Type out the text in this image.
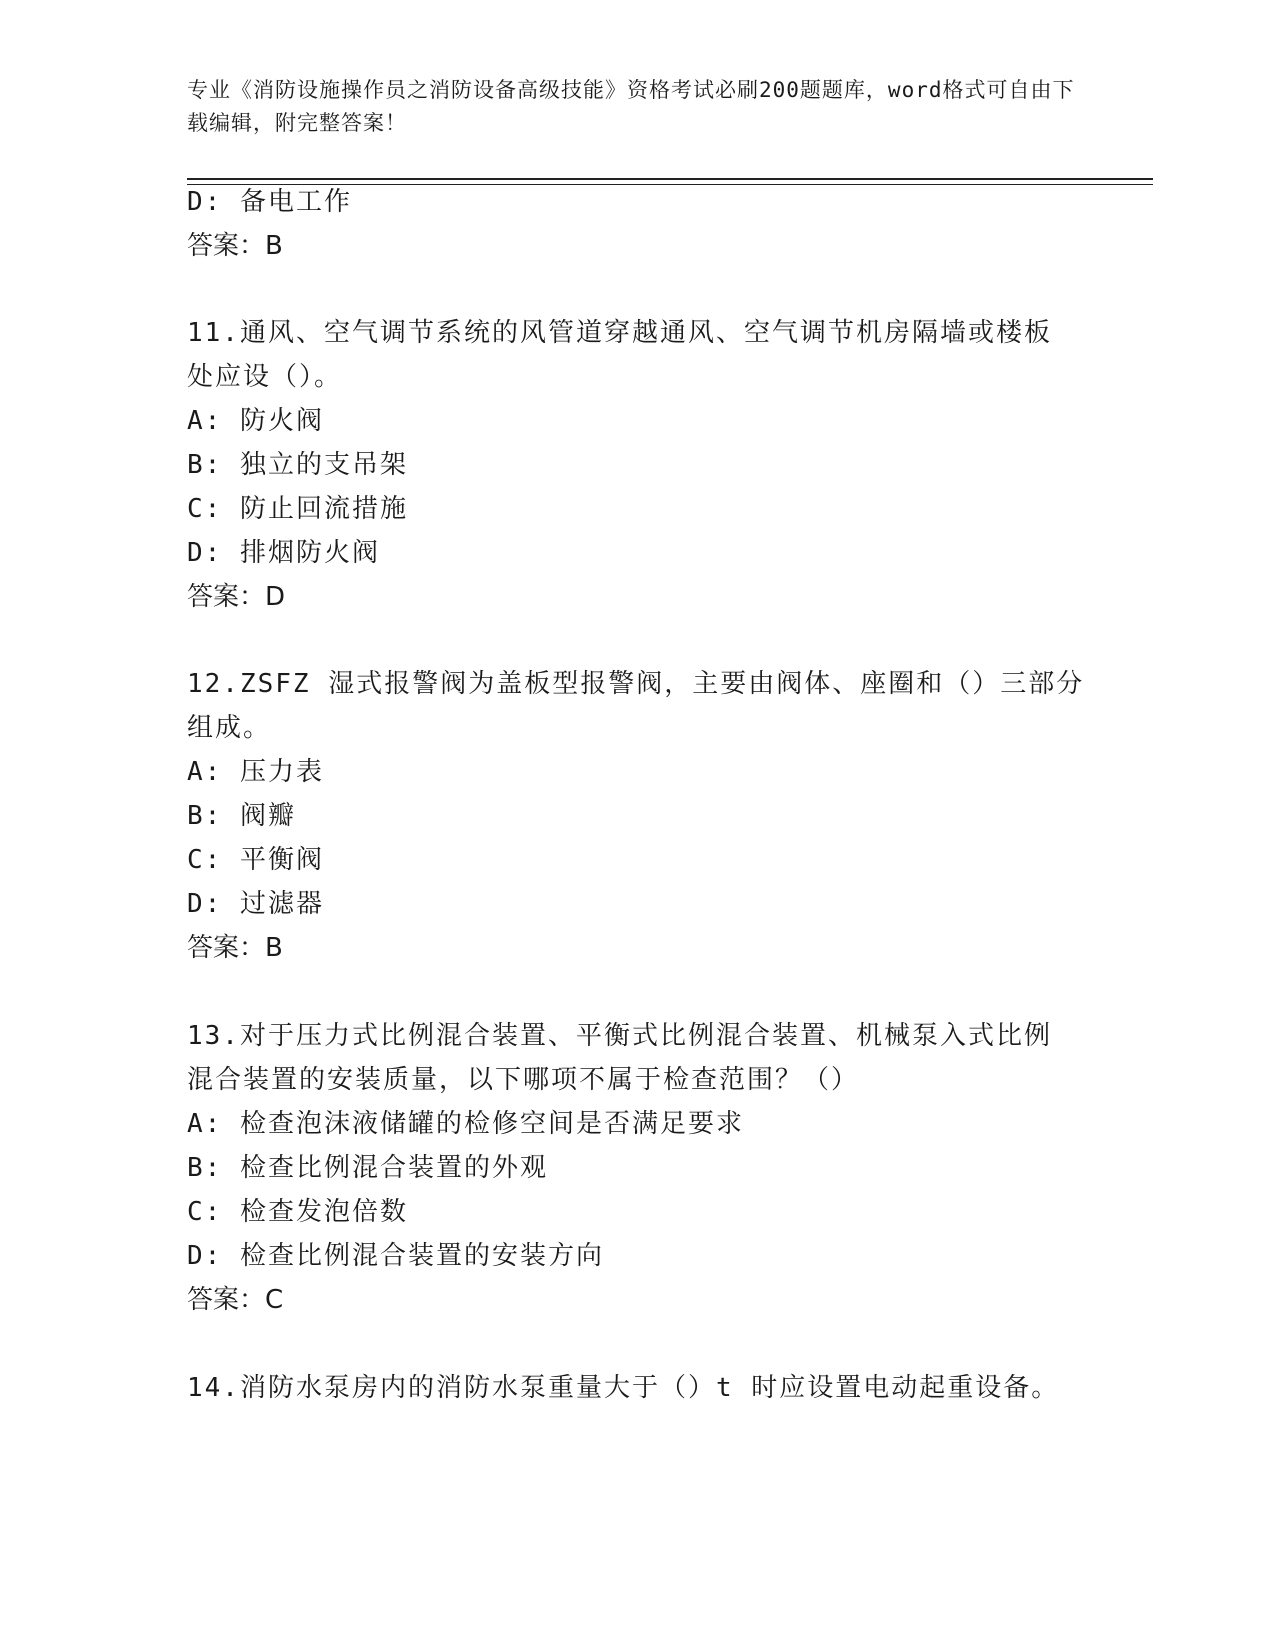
专业《消防设施操作员之消防设备高级技能》资格考试必刷200题题库，word格式可自由下载编辑，附完整答案！
D: 备电工作
答案：B
11.通风、空气调节系统的风管道穿越通风、空气调节机房隔墙或楼板
处应设（）。
A: 防火阀
B: 独立的支吊架
C: 防止回流措施
D: 排烟防火阀
答案：D
12.ZSFZ 湿式报警阀为盖板型报警阀，主要由阀体、座圈和（）三部分
组成。
A: 压力表
B: 阀瓣
C: 平衡阀
D: 过滤器
答案：B
13.对于压力式比例混合装置、平衡式比例混合装置、机械泵入式比例
混合装置的安装质量，以下哪项不属于检查范围？（）
A: 检查泡沫液储罐的检修空间是否满足要求
B: 检查比例混合装置的外观
C: 检查发泡倍数
D: 检查比例混合装置的安装方向
答案：C
14.消防水泵房内的消防水泵重量大于（）t 时应设置电动起重设备。
